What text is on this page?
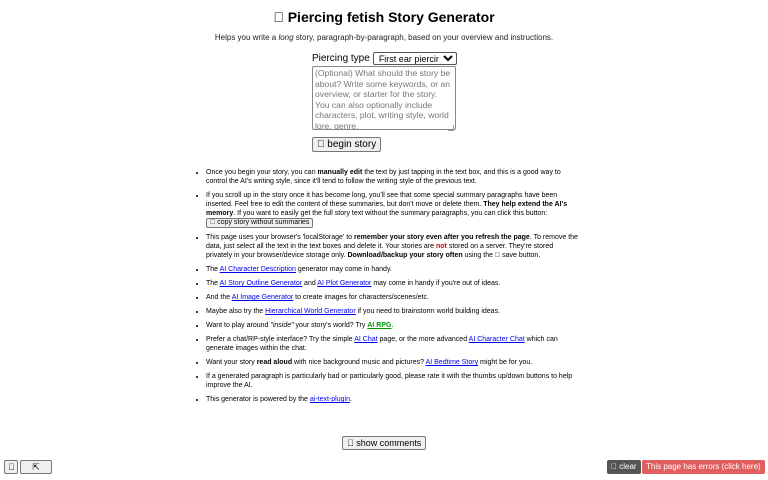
  Piercing fetish Story Generator
Helps you write a long story, paragraph-by-paragraph, based on your overview and instructions.
Piercing type
First ear piercing
(Optional) What should the story be about? Write some keywords, or an overview, or starter for the story. You can also optionally include characters, plot, writing style, world lore, genre,
  begin story
• Once you begin your story, you can manually edit the text by just tapping in the text box, and this is a good way to control the AI's writing style, since it'll tend to follow the writing style of the previous text.
• If you scroll up in the story once it has become long, you'll see that some special summary paragraphs have been inserted. Feel free to edit the content of these summaries, but don't move or delete them. They help extend the AI's memory. If you want to easily get the full story text without the summary paragraphs, you can click this button:   copy story without summaries
• This page uses your browser's 'localStorage' to remember your story even after you refresh the page. To remove the data, just select all the text in the text boxes and delete it. Your stories are not stored on a server. They're stored privately in your browser/device storage only. Download/backup your story often using the   save button.
• The AI Character Description generator may come in handy.
• The AI Story Outline Generator and AI Plot Generator may come in handy if you're out of ideas.
• And the AI Image Generator to create images for characters/scenes/etc.
• Maybe also try the Hierarchical World Generator if you need to brainstorm world building ideas.
• Want to play around "inside" your story's world? Try AI RPG.
• Prefer a chat/RP-style interface? Try the simple AI Chat page, or the more advanced AI Character Chat which can generate images within the chat.
• Want your story read aloud with nice background music and pictures? AI Bedtime Story might be for you.
• If a generated paragraph is particularly bad or particularly good, please rate it with the thumbs up/down buttons to help improve the AI.
• This generator is powered by the ai-text-plugin.
  show comments
 	⇱	  clear	This page has errors (click here)
